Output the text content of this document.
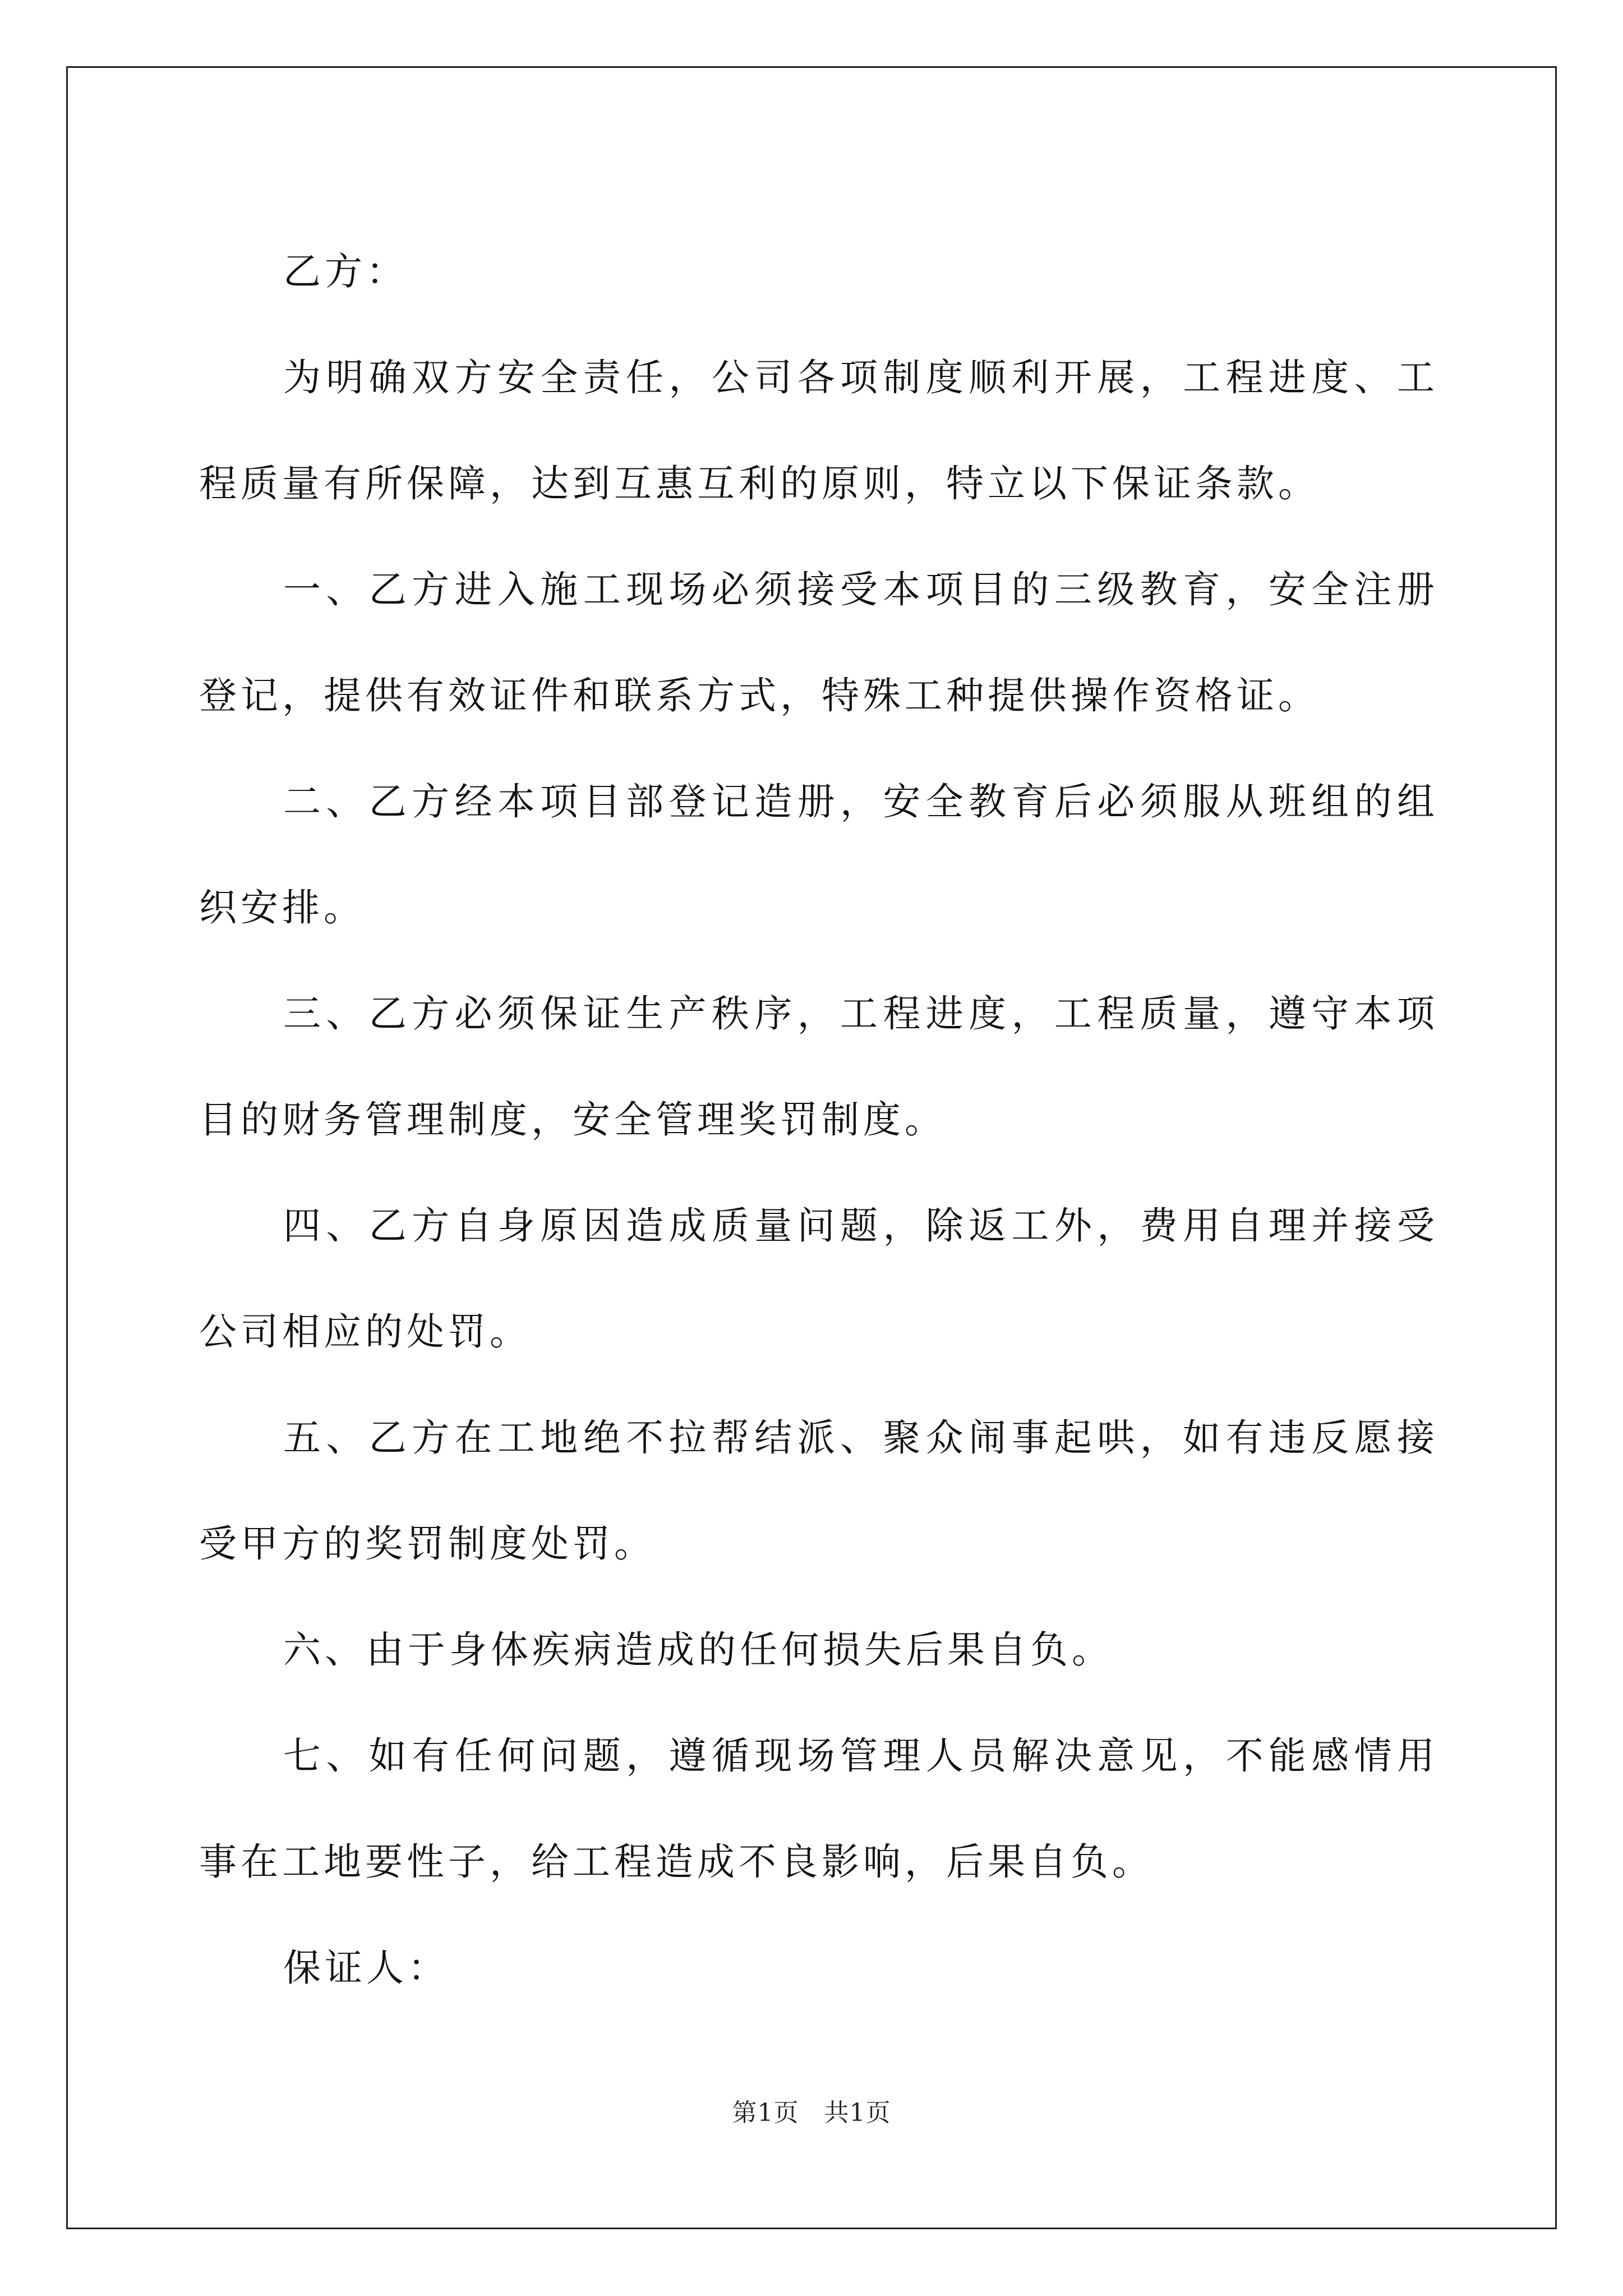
乙方：

为明确双方安全责任，公司各项制度顺利开展，工程进度、工程质量有所保障，达到互惠互利的原则，特立以下保证条款。

一、乙方进入施工现场必须接受本项目的三级教育，安全注册登记，提供有效证件和联系方式，特殊工种提供操作资格证。

二、乙方经本项目部登记造册，安全教育后必须服从班组的组织安排。

三、乙方必须保证生产秩序，工程进度，工程质量，遵守本项目的财务管理制度，安全管理奖罚制度。

四、乙方自身原因造成质量问题，除返工外，费用自理并接受公司相应的处罚。

五、乙方在工地绝不拉帮结派、聚众闹事起哄，如有违反愿接受甲方的奖罚制度处罚。

六、由于身体疾病造成的任何损失后果自负。

七、如有任何问题，遵循现场管理人员解决意见，不能感情用事在工地要性子，给工程造成不良影响，后果自负。

保证人：

第1页　共1页
